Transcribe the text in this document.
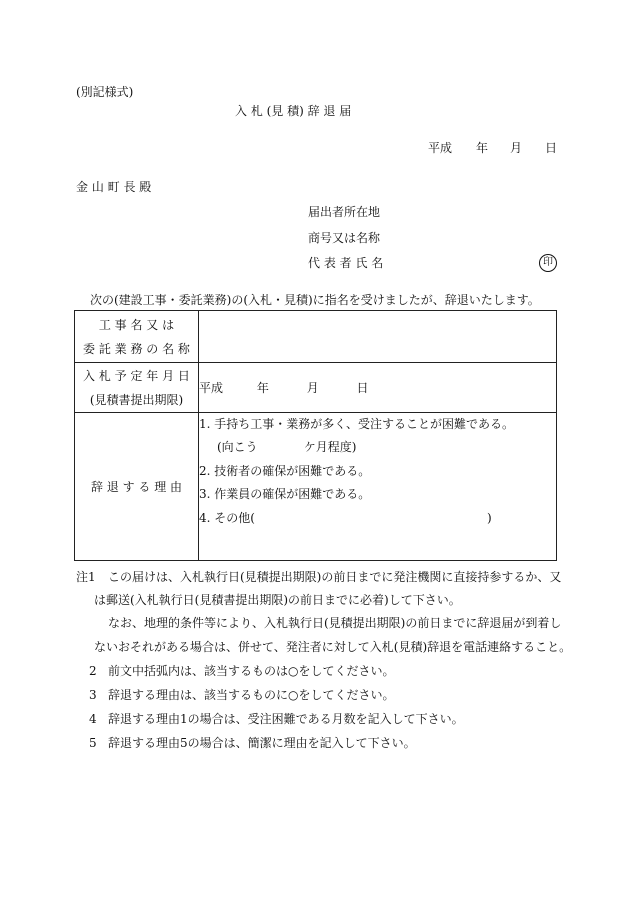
(別記様式)
入 札 (見 積) 辞 退 届
平成 年 月 日
金 山 町 長 殿
届出者所在地
商号又は名称
代 表 者 氏 名	印
次の(建設工事・委託業務)の(入札・見積)に指名を受けましたが、辞退いたします。
工 事 名 又 は
委 託 業 務 の 名 称	

入 札 予 定 年 月 日
(見積書提出期限)	平成 年 月 日
辞 退 す る 理 由	1. 手持ち工事・業務が多く、受注することが困難である。
(向こう ケ月程度)
2. 技術者の確保が困難である。
3. 作業員の確保が困難である。
4. その他( )
注1 この届けは、入札執行日(見積提出期限)の前日までに発注機関に直接持参するか、又
は郵送(入札執行日(見積書提出期限)の前日までに必着)して下さい。
なお、地理的条件等により、入札執行日(見積提出期限)の前日までに辞退届が到着し
ないおそれがある場合は、併せて、発注者に対して入札(見積)辞退を電話連絡すること。
2 前文中括弧内は、該当するものは○をしてください。
3 辞退する理由は、該当するものに○をしてください。
4 辞退する理由1の場合は、受注困難である月数を記入して下さい。
5 辞退する理由5の場合は、簡潔に理由を記入して下さい。
